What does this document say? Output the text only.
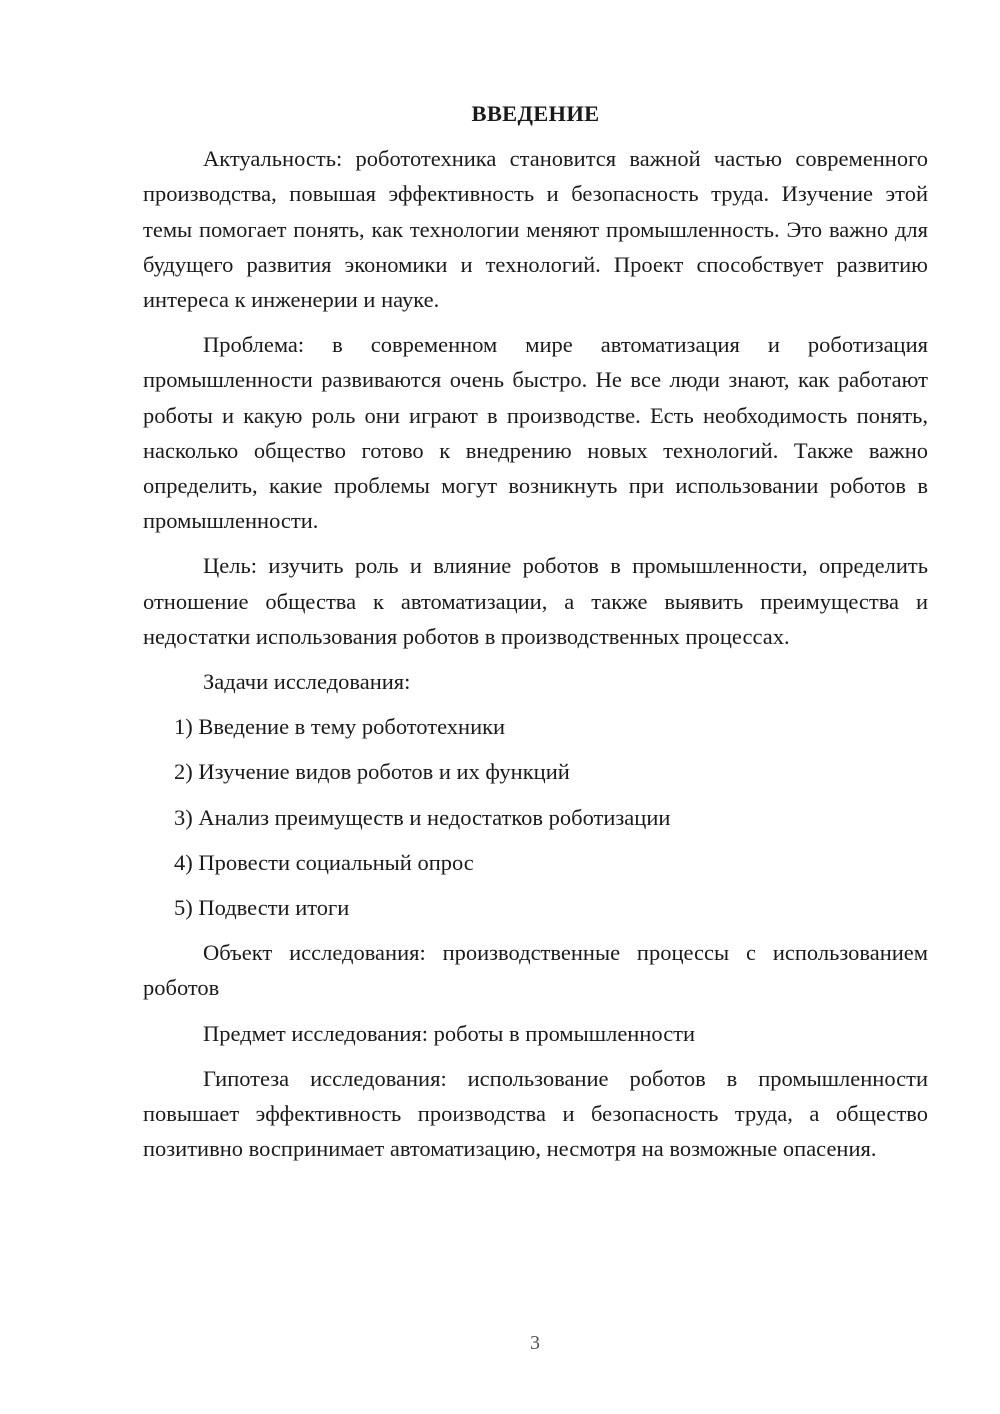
ВВЕДЕНИЕ

Актуальность: робототехника становится важной частью современного производства, повышая эффективность и безопасность труда. Изучение этой темы помогает понять, как технологии меняют промышленность. Это важно для будущего развития экономики и технологий. Проект способствует развитию интереса к инженерии и науке.

Проблема: в современном мире автоматизация и роботизация промышленности развиваются очень быстро. Не все люди знают, как работают роботы и какую роль они играют в производстве. Есть необходимость понять, насколько общество готово к внедрению новых технологий. Также важно определить, какие проблемы могут возникнуть при использовании роботов в промышленности.

Цель: изучить роль и влияние роботов в промышленности, определить отношение общества к автоматизации, а также выявить преимущества и недостатки использования роботов в производственных процессах.

Задачи исследования:

1) Введение в тему робототехники
2) Изучение видов роботов и их функций
3) Анализ преимуществ и недостатков роботизации
4) Провести социальный опрос
5) Подвести итоги

Объект исследования: производственные процессы с использованием роботов

Предмет исследования: роботы в промышленности

Гипотеза исследования: использование роботов в промышленности повышает эффективность производства и безопасность труда, а общество позитивно воспринимает автоматизацию, несмотря на возможные опасения.

3
